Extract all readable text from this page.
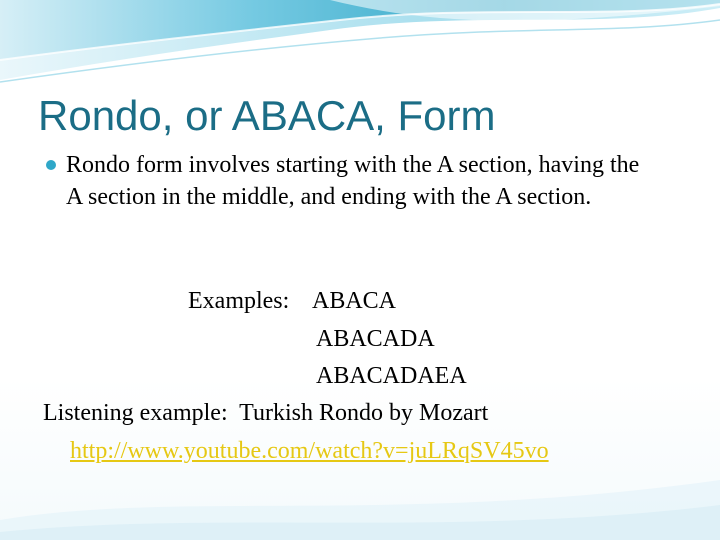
Rondo, or ABACA, Form
Rondo form involves starting with the A section, having the A section in the middle, and ending with the A section.
Examples: ABACA
ABACADA
ABACADAEA
Listening example:  Turkish Rondo by Mozart
http://www.youtube.com/watch?v=juLRqSV45vo
